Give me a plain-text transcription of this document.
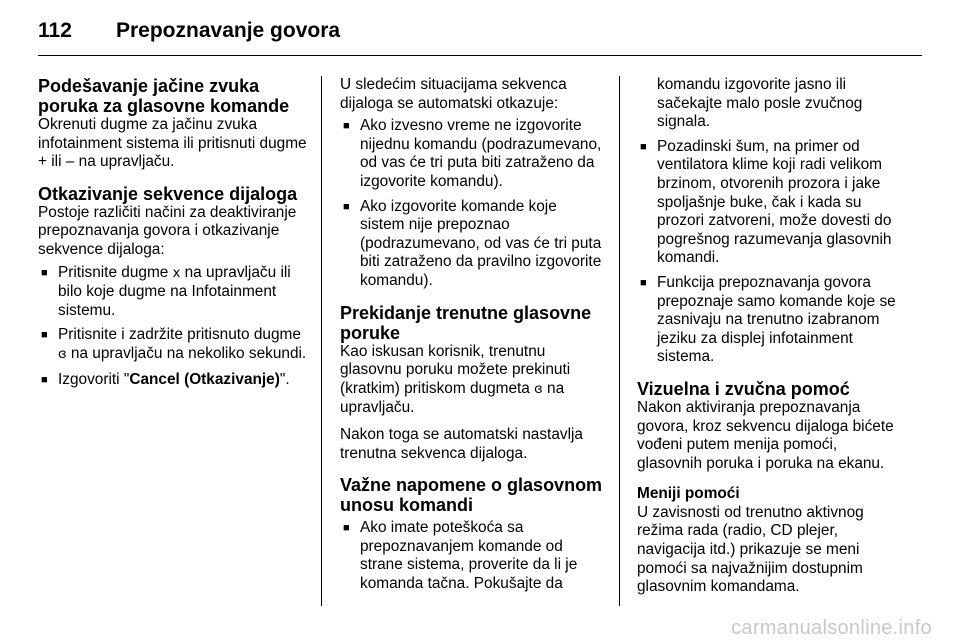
112	Prepoznavanje govora
Podešavanje jačine zvuka poruka za glasovne komande

Okrenuti dugme za jačinu zvuka infotainment sistema ili pritisnuti dugme + ili – na upravljaču.

Otkazivanje sekvence dijaloga

Postoje različiti načini za deaktiviranje prepoznavanja govora i otkazivanje sekvence dijaloga:

■ Pritisnite dugme ⅹ na upravljaču ili bilo koje dugme na Infotainment sistemu.
■ Pritisnite i zadržite pritisnuto dugme ɞ na upravljaču na nekoliko sekundi.
■ Izgovoriti "Cancel (Otkazivanje)".

U sledećim situacijama sekvenca dijaloga se automatski otkazuje:

■ Ako izvesno vreme ne izgovorite nijednu komandu (podrazumevano, od vas će tri puta biti zatraženo da izgovorite komandu).
■ Ako izgovorite komande koje sistem nije prepoznao (podrazumevano, od vas će tri puta biti zatraženo da pravilno izgovorite komandu).
Prekidanje trenutne glasovne poruke

Kao iskusan korisnik, trenutnu glasovnu poruku možete prekinuti (kratkim) pritiskom dugmeta ɞ na upravljaču.

Nakon toga se automatski nastavlja trenutna sekvenca dijaloga.

Važne napomene o glasovnom unosu komandi
■ Ako imate poteškoća sa prepoznavanjem komande od strane sistema, proverite da li je komanda tačna. Pokušajte da

komandu izgovorite jasno ili sačekajte malo posle zvučnog signala.

■ Pozadinski šum, na primer od ventilatora klime koji radi velikom brzinom, otvorenih prozora i jake spoljašnje buke, čak i kada su prozori zatvoreni, može dovesti do pogrešnog razumevanja glasovnih komandi.
■ Funkcija prepoznavanja govora prepoznaje samo komande koje se zasnivaju na trenutno izabranom jeziku za displej infotainment sistema.
Vizuelna i zvučna pomoć

Nakon aktiviranja prepoznavanja govora, kroz sekvencu dijaloga bićete vođeni putem menija pomoći, glasovnih poruka i poruka na ekanu.

Meniji pomoći

U zavisnosti od trenutno aktivnog režima rada (radio, CD plejer, navigacija itd.) prikazuje se meni pomoći sa najvažnijim dostupnim glasovnim komandama.

carmanualsonline.info
